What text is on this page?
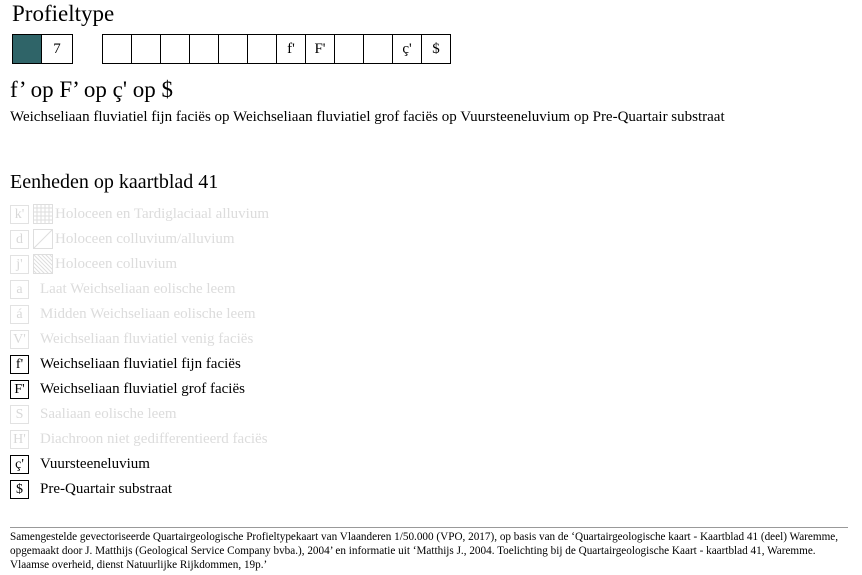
Profieltype
7	f'	F'	ç'	$
f’ op F’ op ç' op $
Weichseliaan fluviatiel fijn faciës op Weichseliaan fluviatiel grof faciës op Vuursteeneluvium op Pre-Quartair substraat
Eenheden op kaartblad 41
k'	Holoceen en Tardiglaciaal alluvium
d	Holoceen colluvium/alluvium
j'	Holoceen colluvium
a	Laat Weichseliaan eolische leem
á	Midden Weichseliaan eolische leem
V' Weichseliaan fluviatiel venig faciës
f'	Weichseliaan fluviatiel fijn faciës
F' Weichseliaan fluviatiel grof faciës
S	Saaliaan eolische leem
H' Diachroon niet gedifferentieerd faciës
ç'	Vuursteeneluvium
$	Pre-Quartair substraat
Samengestelde gevectoriseerde Quartairgeologische Profieltypekaart van Vlaanderen 1/50.000 (VPO, 2017), op basis van de ‘Quartairgeologische kaart - Kaartblad 41 (deel) Waremme, opgemaakt door J. Matthijs (Geological Service Company bvba.), 2004’ en informatie uit ‘Matthijs J., 2004. Toelichting bij de Quartairgeologische Kaart - kaartblad 41, Waremme. Vlaamse overheid, dienst Natuurlijke Rijkdommen, 19p.’
